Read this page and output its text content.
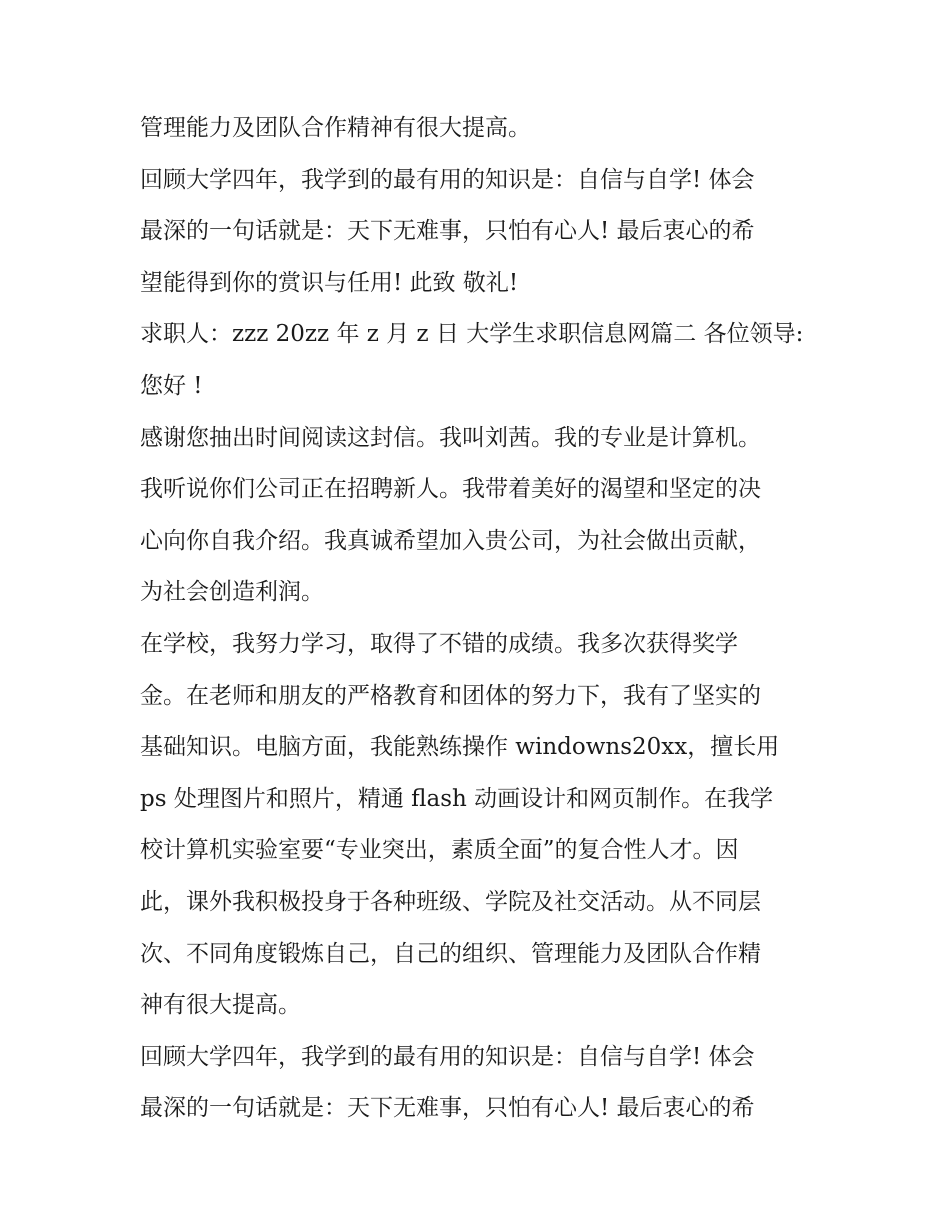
管理能力及团队合作精神有很大提高。
回顾大学四年，我学到的最有用的知识是：自信与自学! 体会
最深的一句话就是：天下无难事，只怕有心人! 最后衷心的希
望能得到你的赏识与任用! 此致 敬礼!
求职人：zzz 20zz 年 z 月 z 日 大学生求职信息网篇二 各位领导:
您好 !
感谢您抽出时间阅读这封信。我叫刘茜。我的专业是计算机。
我听说你们公司正在招聘新人。我带着美好的渴望和坚定的决
心向你自我介绍。我真诚希望加入贵公司，为社会做出贡献，
为社会创造利润。
在学校，我努力学习，取得了不错的成绩。我多次获得奖学
金。在老师和朋友的严格教育和团体的努力下，我有了坚实的
基础知识。电脑方面，我能熟练操作 windowns20xx，擅长用
ps 处理图片和照片，精通 flash 动画设计和网页制作。在我学
校计算机实验室要“专业突出，素质全面”的复合性人才。因
此，课外我积极投身于各种班级、学院及社交活动。从不同层
次、不同角度锻炼自己，自己的组织、管理能力及团队合作精
神有很大提高。
回顾大学四年，我学到的最有用的知识是：自信与自学! 体会
最深的一句话就是：天下无难事，只怕有心人! 最后衷心的希
